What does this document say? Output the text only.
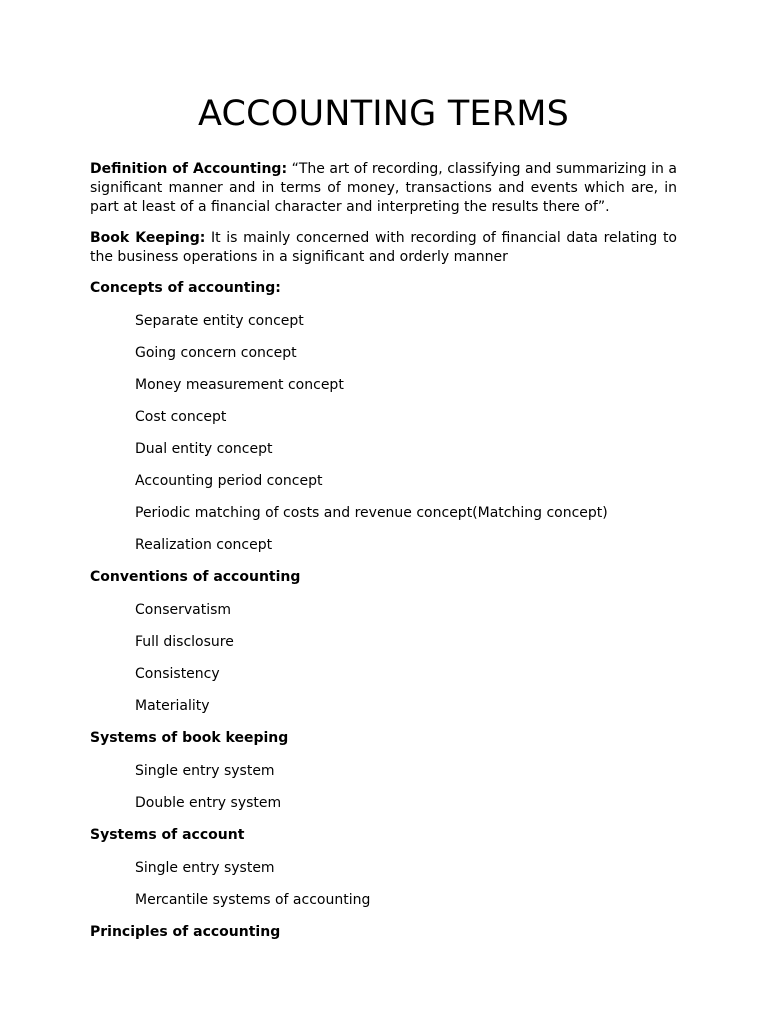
ACCOUNTING TERMS

Definition of Accounting: “The art of recording, classifying and summarizing in a significant manner and in terms of money, transactions and events which are, in part at least of a financial character and interpreting the results there of”.

Book Keeping: It is mainly concerned with recording of financial data relating to the business operations in a significant and orderly manner

Concepts of accounting:
Separate entity concept
Going concern concept
Money measurement concept
Cost concept
Dual entity concept
Accounting period concept
Periodic matching of costs and revenue concept(Matching concept)
Realization concept
Conventions of accounting
Conservatism
Full disclosure
Consistency
Materiality
Systems of book keeping
Single entry system
Double entry system
Systems of account
Single entry system
Mercantile systems of accounting
Principles of accounting
